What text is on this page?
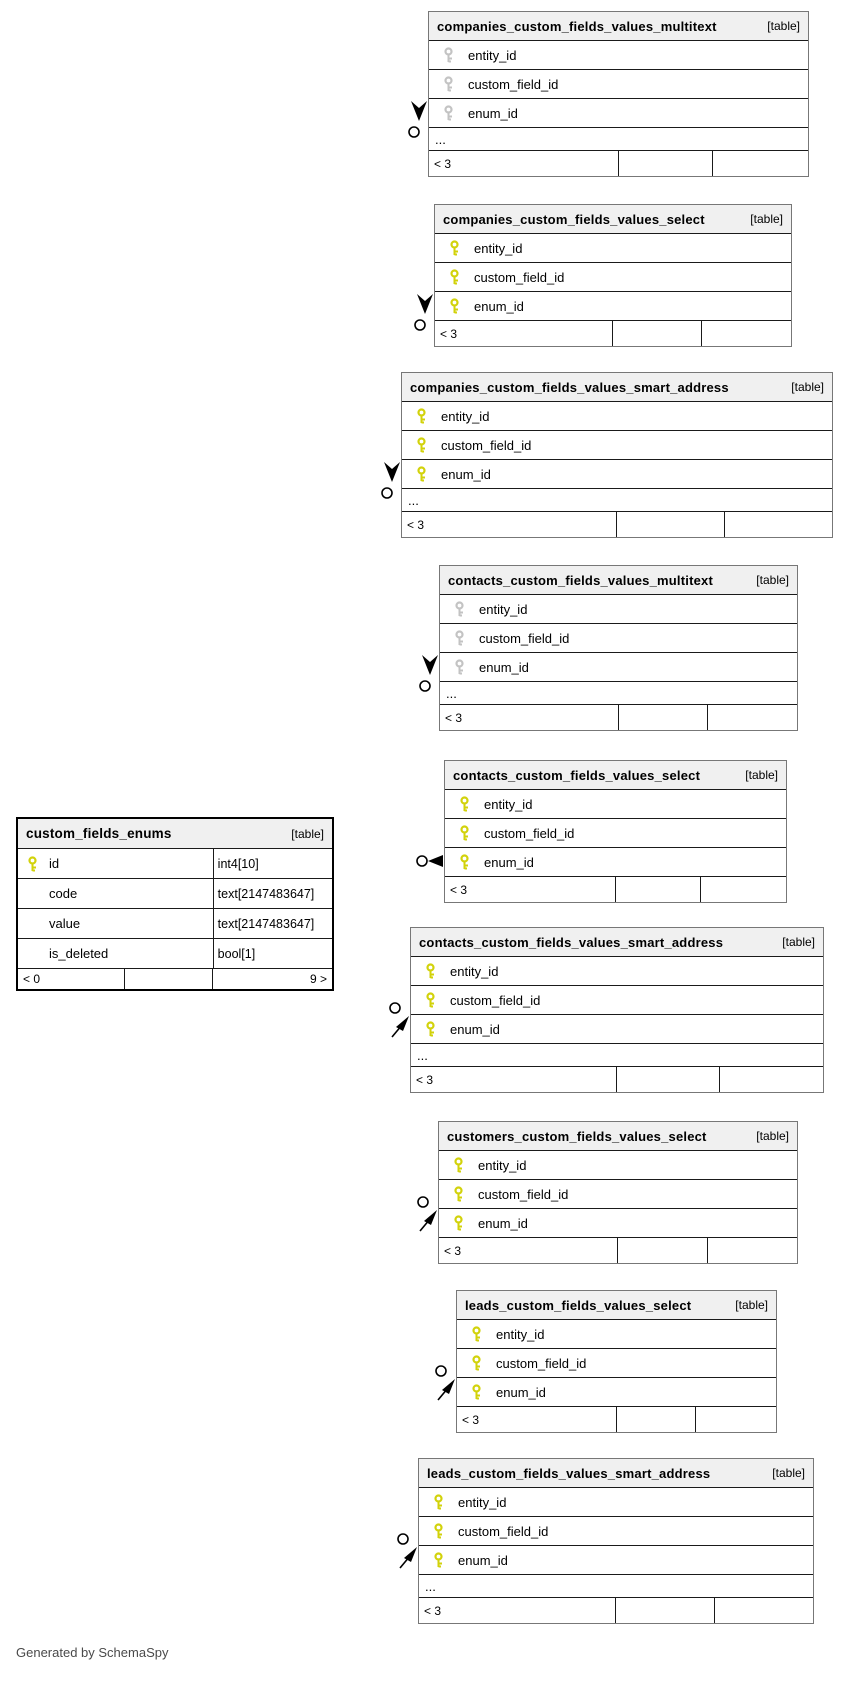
companies_custom_fields_values_multitext	[table]
entity_id
custom_field_id
enum_id
...
< 3
companies_custom_fields_values_select	[table]
entity_id
custom_field_id
enum_id
< 3
companies_custom_fields_values_smart_address	[table]
entity_id
custom_field_id
enum_id
...
< 3
contacts_custom_fields_values_multitext	[table]
entity_id
custom_field_id
enum_id
...
< 3
contacts_custom_fields_values_select	[table]
entity_id
custom_field_id
enum_id
< 3
contacts_custom_fields_values_smart_address	[table]
entity_id
custom_field_id
enum_id
...
< 3
customers_custom_fields_values_select	[table]
entity_id
custom_field_id
enum_id
< 3
leads_custom_fields_values_select	[table]
entity_id
custom_field_id
enum_id
< 3
leads_custom_fields_values_smart_address	[table]
entity_id
custom_field_id
enum_id
...
< 3
custom_fields_enums	[table]
id	int4[10]
code	text[2147483647]
value	text[2147483647]
is_deleted	bool[1]
< 0	9 >
Generated by SchemaSpy
